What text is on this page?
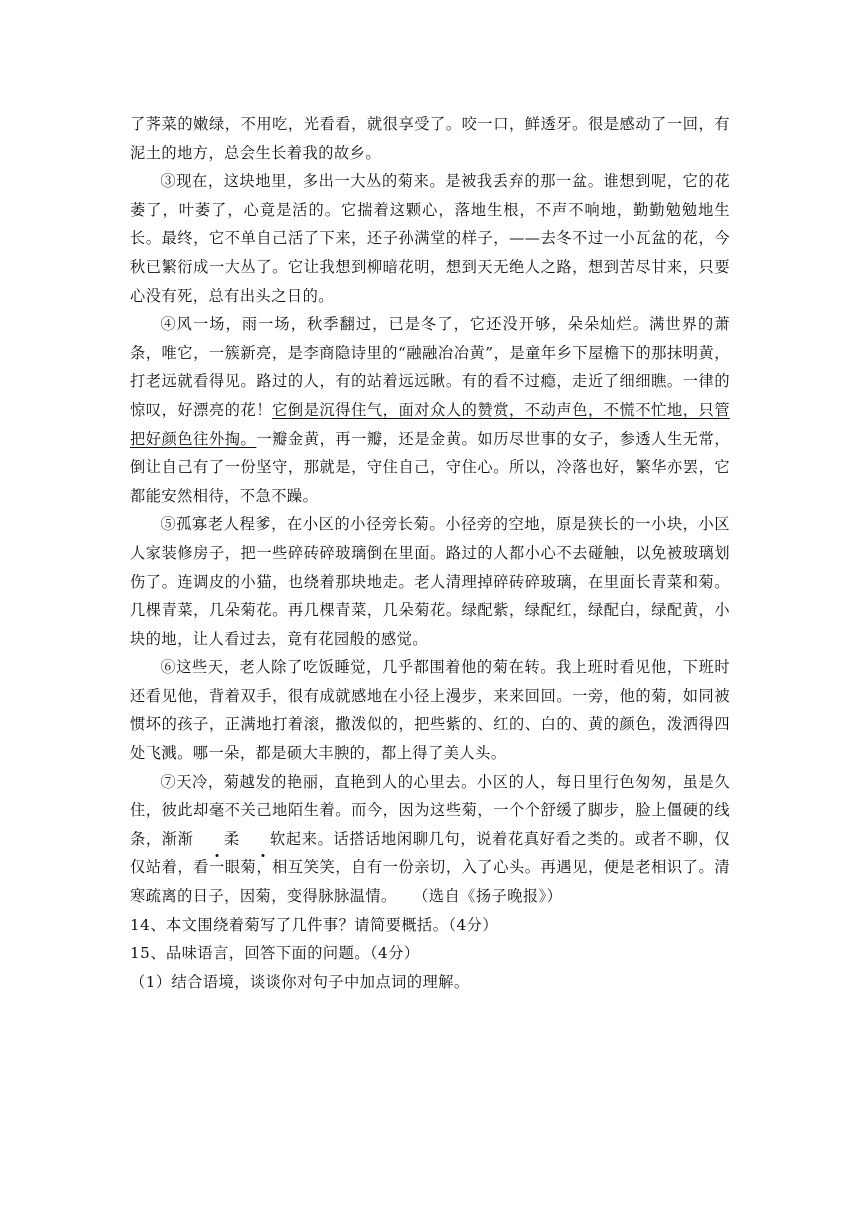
了荠菜的嫩绿，不用吃，光看看，就很享受了。咬一口，鲜透牙。很是感动了一回，有泥土的地方，总会生长着我的故乡。

③现在，这块地里，多出一大丛的菊来。是被我丢弃的那一盆。谁想到呢，它的花萎了，叶萎了，心竟是活的。它揣着这颗心，落地生根，不声不响地，勤勤勉勉地生长。最终，它不单自己活了下来，还子孙满堂的样子，——去冬不过一小瓦盆的花，今秋已繁衍成一大丛了。它让我想到柳暗花明，想到天无绝人之路，想到苦尽甘来，只要心没有死，总有出头之日的。

④风一场，雨一场，秋季翻过，已是冬了，它还没开够，朵朵灿烂。满世界的萧条，唯它，一簇新亮，是李商隐诗里的“融融冶冶黄”，是童年乡下屋檐下的那抹明黄，打老远就看得见。路过的人，有的站着远远瞅。有的看不过瘾，走近了细细瞧。一律的惊叹，好漂亮的花！它倒是沉得住气，面对众人的赞赏，不动声色，不慌不忙地，只管把好颜色往外掏。一瓣金黄，再一瓣，还是金黄。如历尽世事的女子，参透人生无常，倒让自己有了一份坚守，那就是，守住自己，守住心。所以，冷落也好，繁华亦罢，它都能安然相待，不急不躁。

⑤孤寡老人程爹，在小区的小径旁长菊。小径旁的空地，原是狭长的一小块，小区人家装修房子，把一些碎砖碎玻璃倒在里面。路过的人都小心不去碰触，以免被玻璃划伤了。连调皮的小猫，也绕着那块地走。老人清理掉碎砖碎玻璃，在里面长青菜和菊。几棵青菜，几朵菊花。再几棵青菜，几朵菊花。绿配紫，绿配红，绿配白，绿配黄，小块的地，让人看过去，竟有花园般的感觉。

⑥这些天，老人除了吃饭睡觉，几乎都围着他的菊在转。我上班时看见他，下班时还看见他，背着双手，很有成就感地在小径上漫步，来来回回。一旁，他的菊，如同被惯坏的孩子，正满地打着滚，撒泼似的，把些紫的、红的、白的、黄的颜色，泼洒得四处飞溅。哪一朵，都是硕大丰腴的，都上得了美人头。

⑦天冷，菊越发的艳丽，直艳到人的心里去。小区的人，每日里行色匆匆，虽是久住，彼此却毫不关己地陌生着。而今，因为这些菊，一个个舒缓了脚步，脸上僵硬的线条，渐渐 柔 软起来。话搭话地闲聊几句，说着花真好看之类的。或者不聊，仅仅站着，看一眼菊，相互笑笑，自有一份亲切，入了心头。再遇见，便是老相识了。清寒疏离的日子，因菊，变得脉脉温情。 （选自《扬子晚报》）

14、本文围绕着菊写了几件事？请简要概括。（4分）

15、品味语言，回答下面的问题。（4分）

（1）结合语境，谈谈你对句子中加点词的理解。
